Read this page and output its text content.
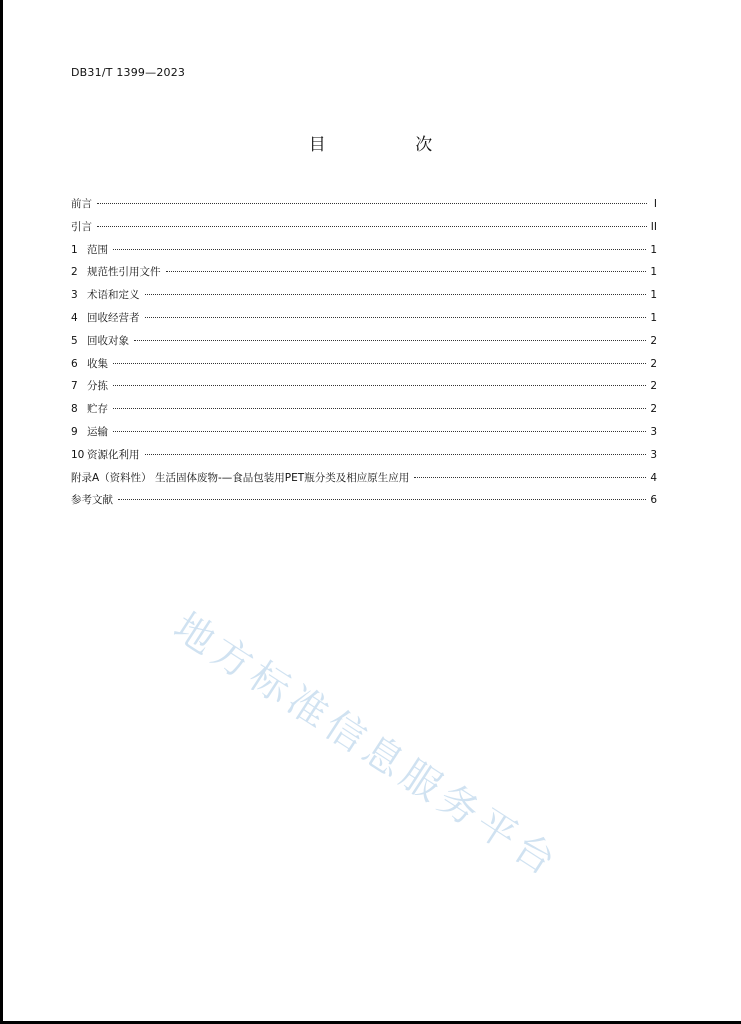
DB31/T 1399—2023
目 次
前言	I
引言	II
1 范围	1
2 规范性引用文件	1
3 术语和定义	1
4 回收经营者	1
5 回收对象	2
6 收集	2
7 分拣	2
8 贮存	2
9 运输	3
10 资源化利用	3
附录A（资料性） 生活固体废物-—食品包装用PET瓶分类及相应原生应用	4
参考文献	6
地方标准信息服务平台
